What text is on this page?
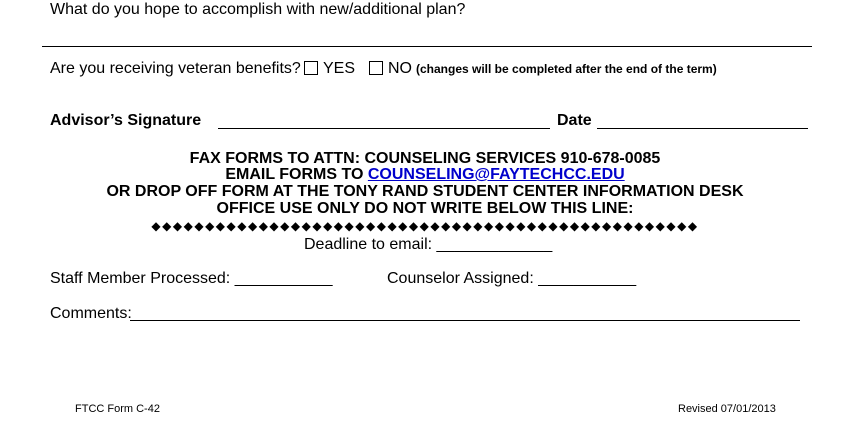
What do you hope to accomplish with new/additional plan?
Are you receiving veteran benefits? YES NO (changes will be completed after the end of the term)
Advisor’s Signature	Date
FAX FORMS TO ATTN: COUNSELING SERVICES 910-678-0085
EMAIL FORMS TO COUNSELING@FAYTECHCC.EDU
OR DROP OFF FORM AT THE TONY RAND STUDENT CENTER INFORMATION DESK
OFFICE USE ONLY DO NOT WRITE BELOW THIS LINE:
◆◆◆◆◆◆◆◆◆◆◆◆◆◆◆◆◆◆◆◆◆◆◆◆◆◆◆◆◆◆◆◆◆◆◆◆◆◆◆◆◆◆◆◆◆◆◆◆◆◆◆
Deadline to email: _____________
Staff Member Processed: ___________	Counselor Assigned: ___________
Comments:
FTCC Form C-42	Revised 07/01/2013
